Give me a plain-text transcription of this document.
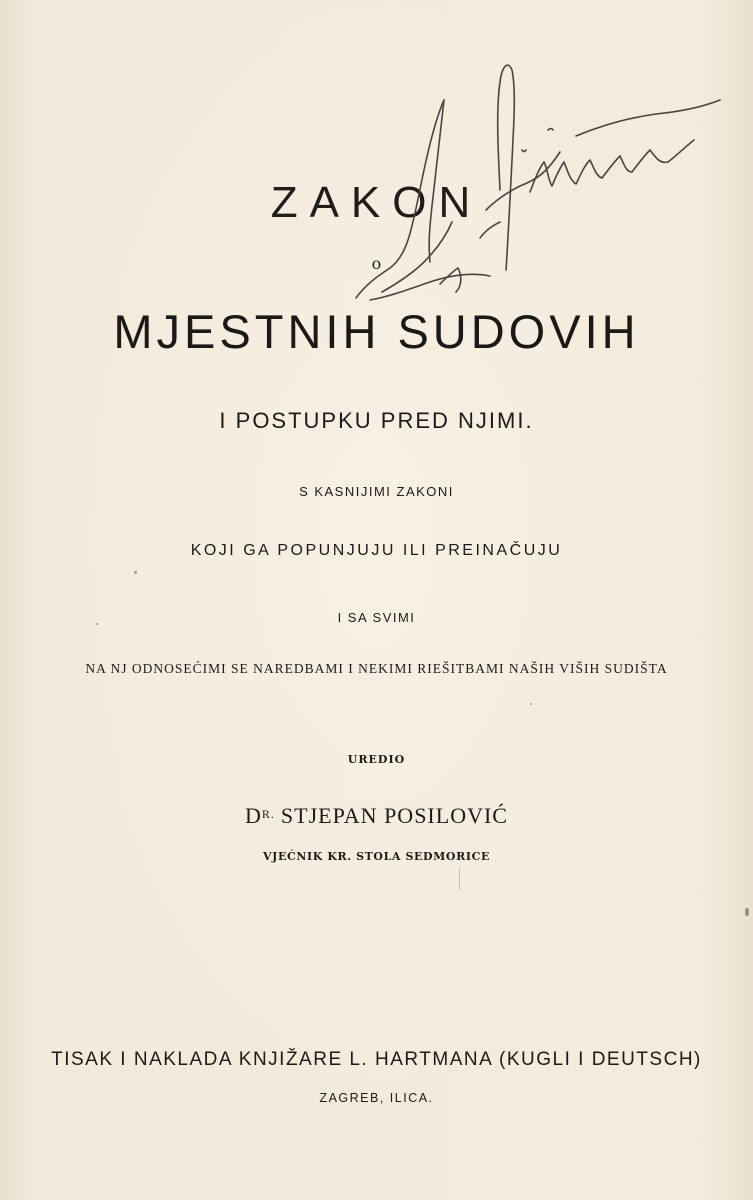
ZAKON
o
MJESTNIH SUDOVIH
I POSTUPKU PRED NJIMI.
S KASNIJIMI ZAKONI
KOJI GA POPUNJUJU ILI PREINAČUJU
I SA SVIMI
NA NJ ODNOSEĆIMI SE NAREDBAMI I NEKIMI RIEŠITBAMI NAŠIH VIŠIH SUDIŠTA
UREDIO
$D^{R.}$ STJEPAN POSILOVIĆ
VJEĆNIK KR. STOLA SEDMORICE
TISAK I NAKLADA KNJIŽARE L. HARTMANA (KUGLI I DEUTSCH)
ZAGREB, ILICA.
